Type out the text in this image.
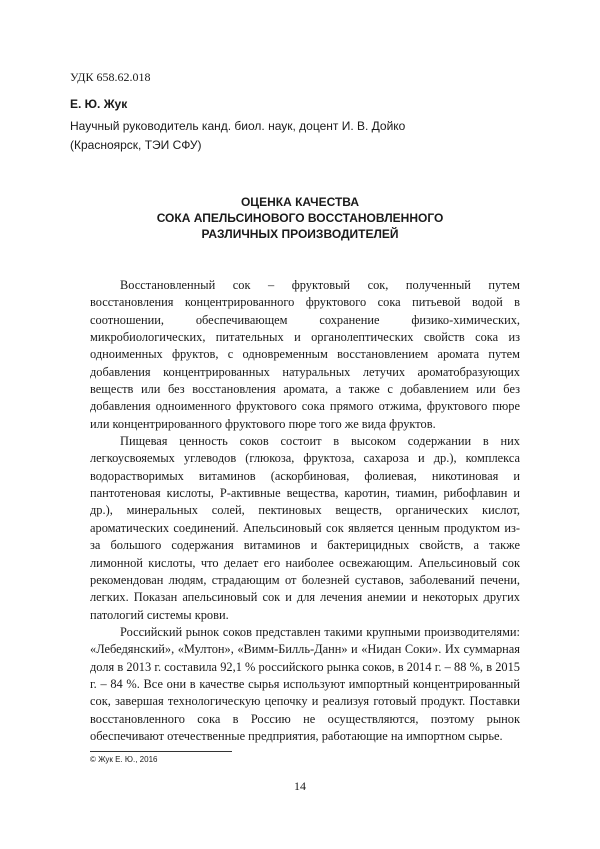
УДК 658.62.018
Е. Ю. Жук
Научный руководитель канд. биол. наук, доцент И. В. Дойко
(Красноярск, ТЭИ СФУ)
ОЦЕНКА КАЧЕСТВА
СОКА АПЕЛЬСИНОВОГО ВОССТАНОВЛЕННОГО
РАЗЛИЧНЫХ ПРОИЗВОДИТЕЛЕЙ

Восстановленный сок – фруктовый сок, полученный путем восстановления концентрированного фруктового сока питьевой водой в соотношении, обеспечивающем сохранение физико-химических, микробиологических, питательных и органолептических свойств сока из одноименных фруктов, с одновременным восстановлением аромата путем добавления концентрированных натуральных летучих ароматобразующих веществ или без восстановления аромата, а также с добавлением или без добавления одноименного фруктового сока прямого отжима, фруктового пюре или концентрированного фруктового пюре того же вида фруктов.

Пищевая ценность соков состоит в высоком содержании в них легкоусвояемых углеводов (глюкоза, фруктоза, сахароза и др.), комплекса водорастворимых витаминов (аскорбиновая, фолиевая, никотиновая и пантотеновая кислоты, Р-активные вещества, каротин, тиамин, рибофлавин и др.), минеральных солей, пектиновых веществ, органических кислот, ароматических соединений. Апельсиновый сок является ценным продуктом из-за большого содержания витаминов и бактерицидных свойств, а также лимонной кислоты, что делает его наиболее освежающим. Апельсиновый сок рекомендован людям, страдающим от болезней суставов, заболеваний печени, легких. Показан апельсиновый сок и для лечения анемии и некоторых других патологий системы крови.

Российский рынок соков представлен такими крупными производителями: «Лебедянский», «Мултон», «Вимм-Билль-Данн» и «Нидан Соки». Их суммарная доля в 2013 г. составила 92,1 % российского рынка соков, в 2014 г. – 88 %, в 2015 г. – 84 %. Все они в качестве сырья используют импортный концентрированный сок, завершая технологическую цепочку и реализуя готовый продукт. Поставки восстановленного сока в Россию не осуществляются, поэтому рынок обеспечивают отечественные предприятия, работающие на импортном сырье.

© Жук Е. Ю., 2016
14
